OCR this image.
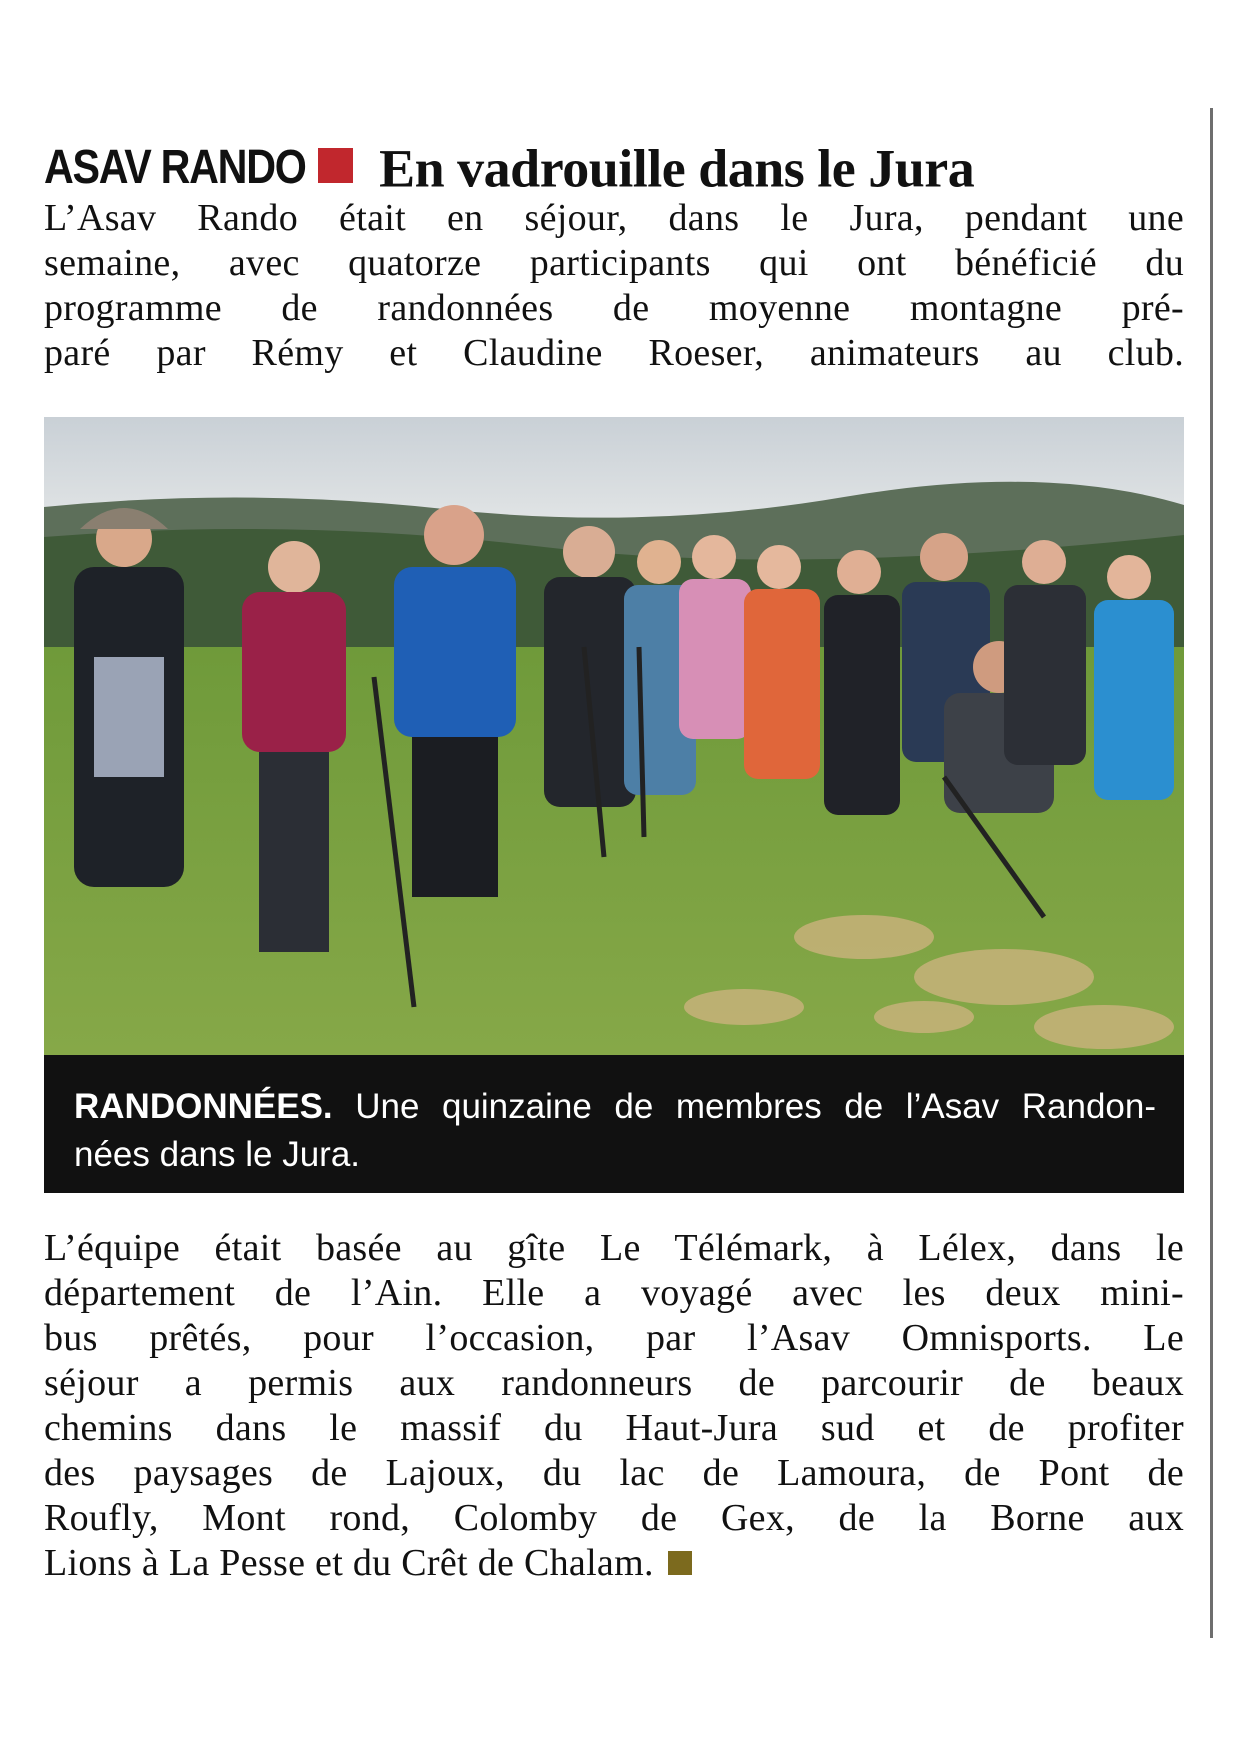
ASAV RANDO En vadrouille dans le Jura
L’Asav Rando était en séjour, dans le Jura, pendant une
semaine, avec quatorze participants qui ont bénéficié du
programme de randonnées de moyenne montagne pré-
paré par Rémy et Claudine Roeser, animateurs au club.
RANDONNÉES. Une quinzaine de membres de l’Asav Randon-
nées dans le Jura.
L’équipe était basée au gîte Le Télémark, à Lélex, dans le
département de l’Ain. Elle a voyagé avec les deux mini-
bus prêtés, pour l’occasion, par l’Asav Omnisports. Le
séjour a permis aux randonneurs de parcourir de beaux
chemins dans le massif du Haut-Jura sud et de profiter
des paysages de Lajoux, du lac de Lamoura, de Pont de
Roufly, Mont rond, Colomby de Gex, de la Borne aux
Lions à La Pesse et du Crêt de Chalam.
